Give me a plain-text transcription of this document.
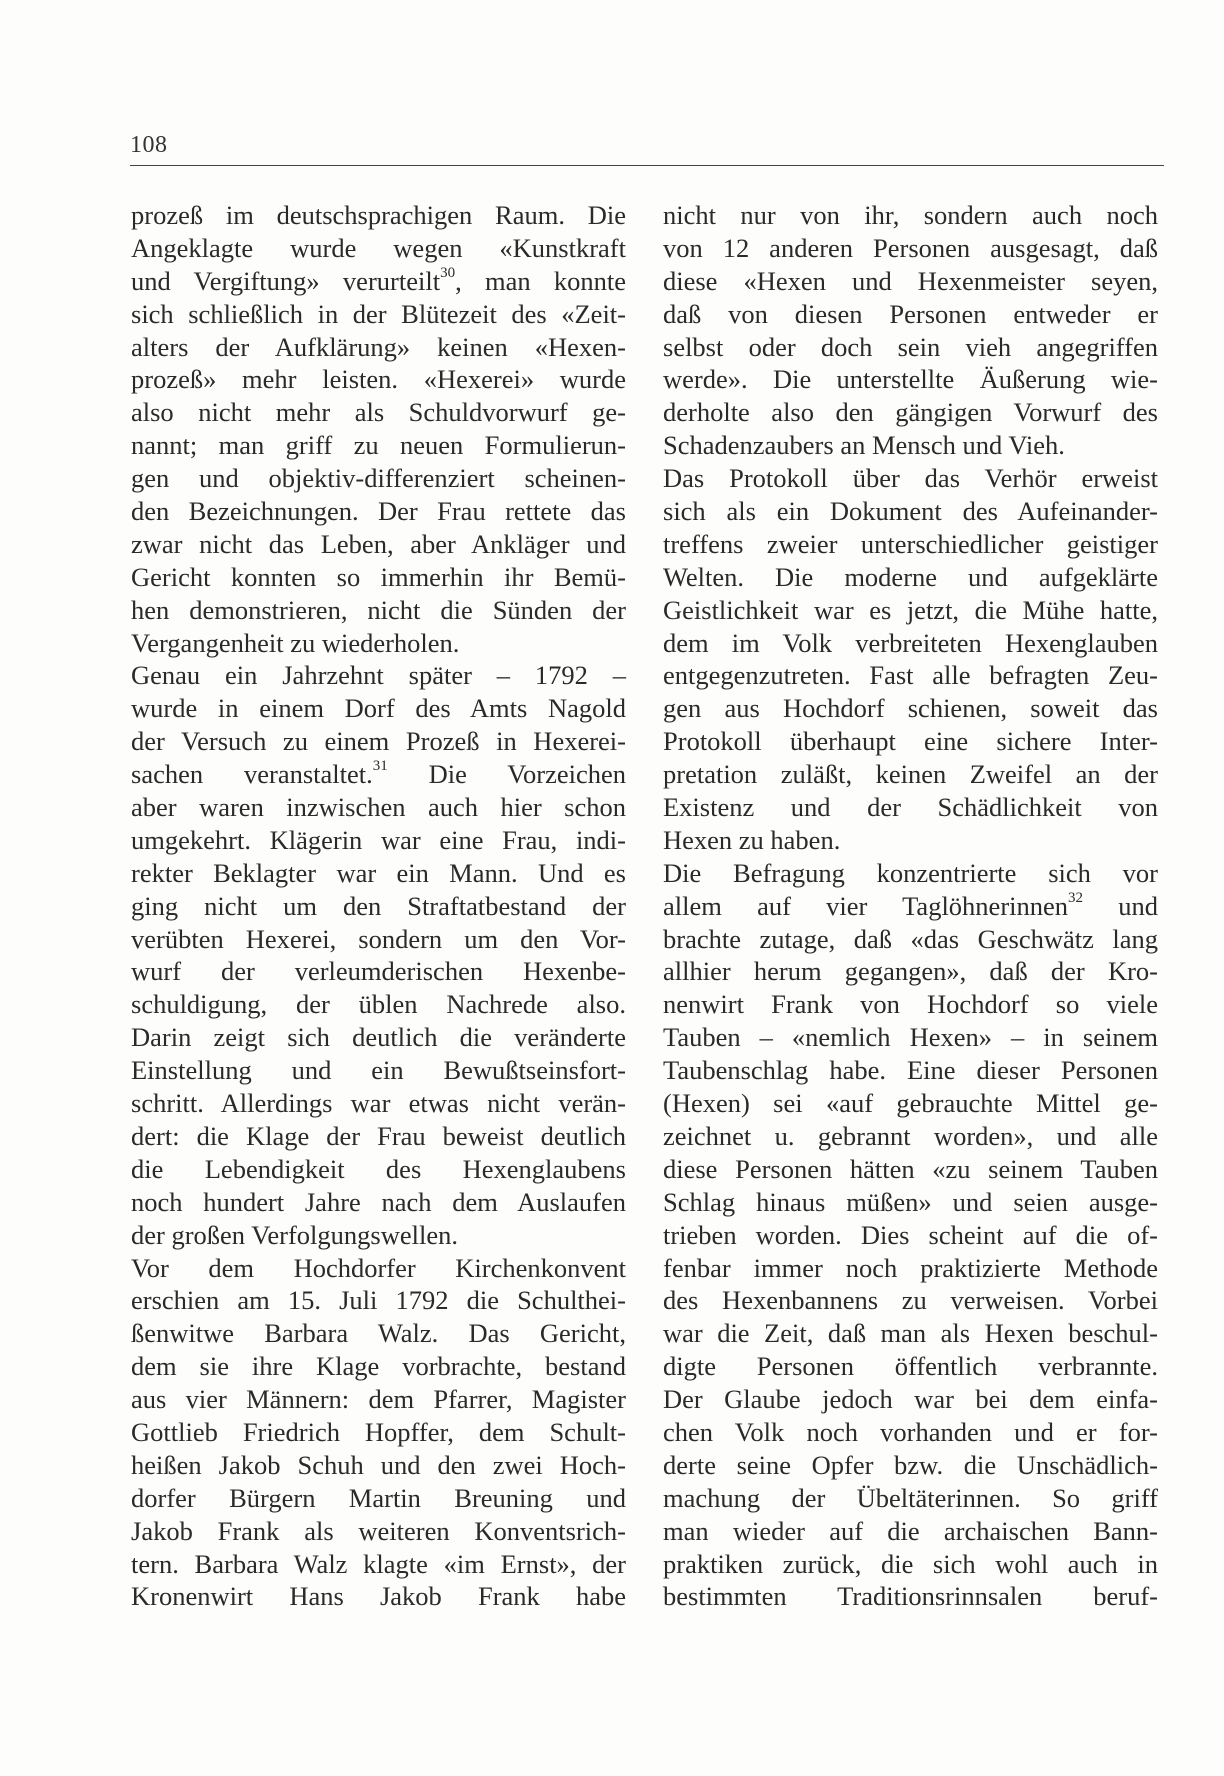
108
prozeß im deutschsprachigen Raum. Die
Angeklagte wurde wegen «Kunstkraft
und Vergiftung» verurteilt$^{30}$, man konnte
sich schließlich in der Blütezeit des «Zeit-
alters der Aufklärung» keinen «Hexen-
prozeß» mehr leisten. «Hexerei» wurde
also nicht mehr als Schuldvorwurf ge-
nannt; man griff zu neuen Formulierun-
gen und objektiv-differenziert scheinen-
den Bezeichnungen. Der Frau rettete das
zwar nicht das Leben, aber Ankläger und
Gericht konnten so immerhin ihr Bemü-
hen demonstrieren, nicht die Sünden der
Vergangenheit zu wiederholen.
Genau ein Jahrzehnt später – 1792 –
wurde in einem Dorf des Amts Nagold
der Versuch zu einem Prozeß in Hexerei-
sachen veranstaltet.$^{31}$ Die Vorzeichen
aber waren inzwischen auch hier schon
umgekehrt. Klägerin war eine Frau, indi-
rekter Beklagter war ein Mann. Und es
ging nicht um den Straftatbestand der
verübten Hexerei, sondern um den Vor-
wurf der verleumderischen Hexenbe-
schuldigung, der üblen Nachrede also.
Darin zeigt sich deutlich die veränderte
Einstellung und ein Bewußtseinsfort-
schritt. Allerdings war etwas nicht verän-
dert: die Klage der Frau beweist deutlich
die Lebendigkeit des Hexenglaubens
noch hundert Jahre nach dem Auslaufen
der großen Verfolgungswellen.
Vor dem Hochdorfer Kirchenkonvent
erschien am 15. Juli 1792 die Schulthei-
ßenwitwe Barbara Walz. Das Gericht,
dem sie ihre Klage vorbrachte, bestand
aus vier Männern: dem Pfarrer, Magister
Gottlieb Friedrich Hopffer, dem Schult-
heißen Jakob Schuh und den zwei Hoch-
dorfer Bürgern Martin Breuning und
Jakob Frank als weiteren Konventsrich-
tern. Barbara Walz klagte «im Ernst», der
Kronenwirt Hans Jakob Frank habe
nicht nur von ihr, sondern auch noch
von 12 anderen Personen ausgesagt, daß
diese «Hexen und Hexenmeister seyen,
daß von diesen Personen entweder er
selbst oder doch sein vieh angegriffen
werde». Die unterstellte Äußerung wie-
derholte also den gängigen Vorwurf des
Schadenzaubers an Mensch und Vieh.
Das Protokoll über das Verhör erweist
sich als ein Dokument des Aufeinander-
treffens zweier unterschiedlicher geistiger
Welten. Die moderne und aufgeklärte
Geistlichkeit war es jetzt, die Mühe hatte,
dem im Volk verbreiteten Hexenglauben
entgegenzutreten. Fast alle befragten Zeu-
gen aus Hochdorf schienen, soweit das
Protokoll überhaupt eine sichere Inter-
pretation zuläßt, keinen Zweifel an der
Existenz und der Schädlichkeit von
Hexen zu haben.
Die Befragung konzentrierte sich vor
allem auf vier Taglöhnerinnen$^{32}$ und
brachte zutage, daß «das Geschwätz lang
allhier herum gegangen», daß der Kro-
nenwirt Frank von Hochdorf so viele
Tauben – «nemlich Hexen» – in seinem
Taubenschlag habe. Eine dieser Personen
(Hexen) sei «auf gebrauchte Mittel ge-
zeichnet u. gebrannt worden», und alle
diese Personen hätten «zu seinem Tauben
Schlag hinaus müßen» und seien ausge-
trieben worden. Dies scheint auf die of-
fenbar immer noch praktizierte Methode
des Hexenbannens zu verweisen. Vorbei
war die Zeit, daß man als Hexen beschul-
digte Personen öffentlich verbrannte.
Der Glaube jedoch war bei dem einfa-
chen Volk noch vorhanden und er for-
derte seine Opfer bzw. die Unschädlich-
machung der Übeltäterinnen. So griff
man wieder auf die archaischen Bann-
praktiken zurück, die sich wohl auch in
bestimmten Traditionsrinnsalen beruf-
